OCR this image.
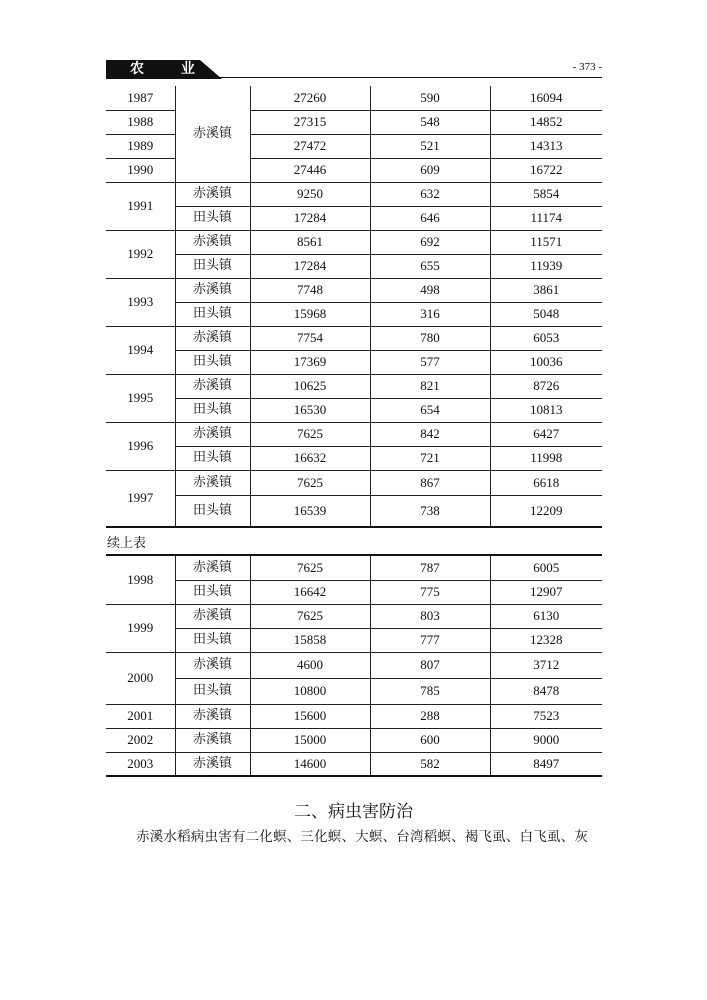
农 业	- 373 -
1987	赤溪镇	27260	590	16094
1988		27315	548	14852
1989		27472	521	14313
1990		27446	609	16722
1991	赤溪镇	9250	632	5854
	田头镇	17284	646	11174
1992	赤溪镇	8561	692	11571
	田头镇	17284	655	11939
1993	赤溪镇	7748	498	3861
	田头镇	15968	316	5048
1994	赤溪镇	7754	780	6053
	田头镇	17369	577	10036
1995	赤溪镇	10625	821	8726
	田头镇	16530	654	10813
1996	赤溪镇	7625	842	6427
	田头镇	16632	721	11998
1997	赤溪镇	7625	867	6618
	田头镇	16539	738	12209
续上表
1998	赤溪镇	7625	787	6005
	田头镇	16642	775	12907
1999	赤溪镇	7625	803	6130
	田头镇	15858	777	12328
2000	赤溪镇	4600	807	3712
	田头镇	10800	785	8478
2001	赤溪镇	15600	288	7523
2002	赤溪镇	15000	600	9000
2003	赤溪镇	14600	582	8497
二、病虫害防治
赤溪水稻病虫害有二化螟、三化螟、大螟、台湾稻螟、褐飞虱、白飞虱、灰
